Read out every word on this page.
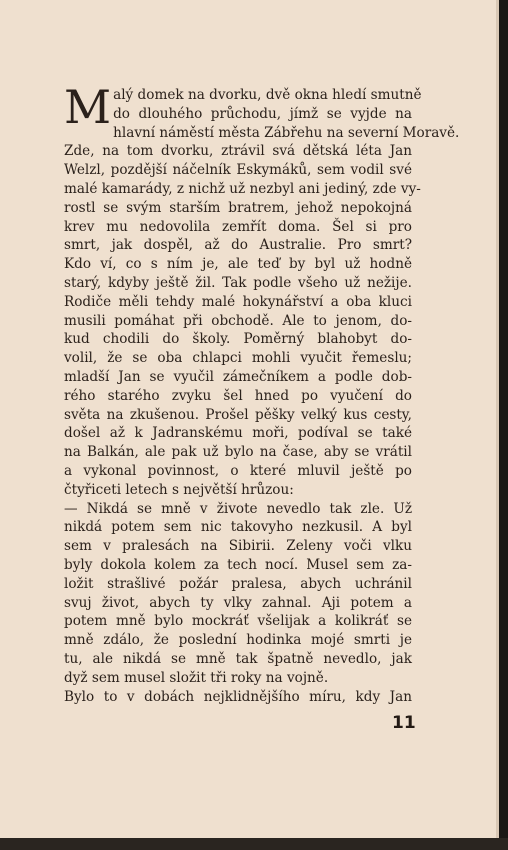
M alý domek na dvorku, dvě okna hledí smutně
do dlouhého průchodu, jímž se vyjde na
hlavní náměstí města Zábřehu na severní Moravě.
Zde, na tom dvorku, ztrávil svá dětská léta Jan
Welzl, pozdější náčelník Eskymáků, sem vodil své
malé kamarády, z nichž už nezbyl ani jediný, zde vy-
rostl se svým starším bratrem, jehož nepokojná
krev mu nedovolila zemřít doma. Šel si pro
smrt, jak dospěl, až do Australie. Pro smrt?
Kdo ví, co s ním je, ale teď by byl už hodně
starý, kdyby ještě žil. Tak podle všeho už nežije.
Rodiče měli tehdy malé hokynářství a oba kluci
musili pomáhat při obchodě. Ale to jenom, do-
kud chodili do školy. Poměrný blahobyt do-
volil, že se oba chlapci mohli vyučit řemeslu;
mladší Jan se vyučil zámečníkem a podle dob-
rého starého zvyku šel hned po vyučení do
světa na zkušenou. Prošel pěšky velký kus cesty,
došel až k Jadranskému moři, podíval se také
na Balkán, ale pak už bylo na čase, aby se vrátil
a vykonal povinnost, o které mluvil ještě po
čtyřiceti letech s největší hrůzou:
— Nikdá se mně v živote nevedlo tak zle. Už
nikdá potem sem nic takovyho nezkusil. A byl
sem v pralesách na Sibirii. Zeleny voči vlku
byly dokola kolem za tech nocí. Musel sem za-
ložit strašlivé požár pralesa, abych uchránil
svuj život, abych ty vlky zahnal. Aji potem a
potem mně bylo mockráť všelijak a kolikráť se
mně zdálo, že poslední hodinka mojé smrti je
tu, ale nikdá se mně tak špatně nevedlo, jak
dyž sem musel složit tři roky na vojně.
Bylo to v dobách nejklidnějšího míru, kdy Jan
11
